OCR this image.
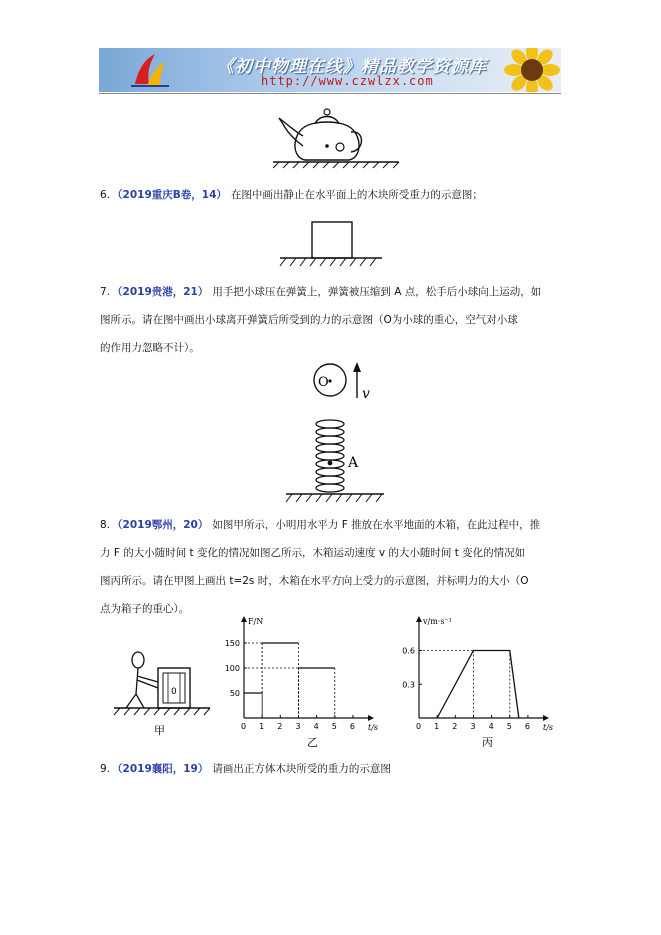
《初中物理在线》精品教学资源库
http://www.czwlzx.com
6. （2019重庆B卷，14） 在图中画出静止在水平面上的木块所受重力的示意图；
7. （2019贵港，21） 用手把小球压在弹簧上，弹簧被压缩到 A 点，松手后小球向上运动，如
图所示。请在图中画出小球离开弹簧后所受到的力的示意图（O为小球的重心，空气对小球
的作用力忽略不计）。
O
v
A
8. （2019鄂州，20） 如图甲所示，小明用水平力 F 推放在水平地面的木箱，在此过程中，推
力 F 的大小随时间 t 变化的情况如图乙所示，木箱运动速度 v 的大小随时间 t 变化的情况如
图丙所示。请在甲图上画出 t=2s 时，木箱在水平方向上受力的示意图，并标明力的大小（O
点为箱子的重心）。
0
甲	t/s
F/N
0 1 2 3 4 5 6
50
100
150
乙
t/s
v/m·s⁻¹
0 1 2 3 4 5 6
0.3
0.6
丙
9. （2019襄阳，19） 请画出正方体木块所受的重力的示意图
